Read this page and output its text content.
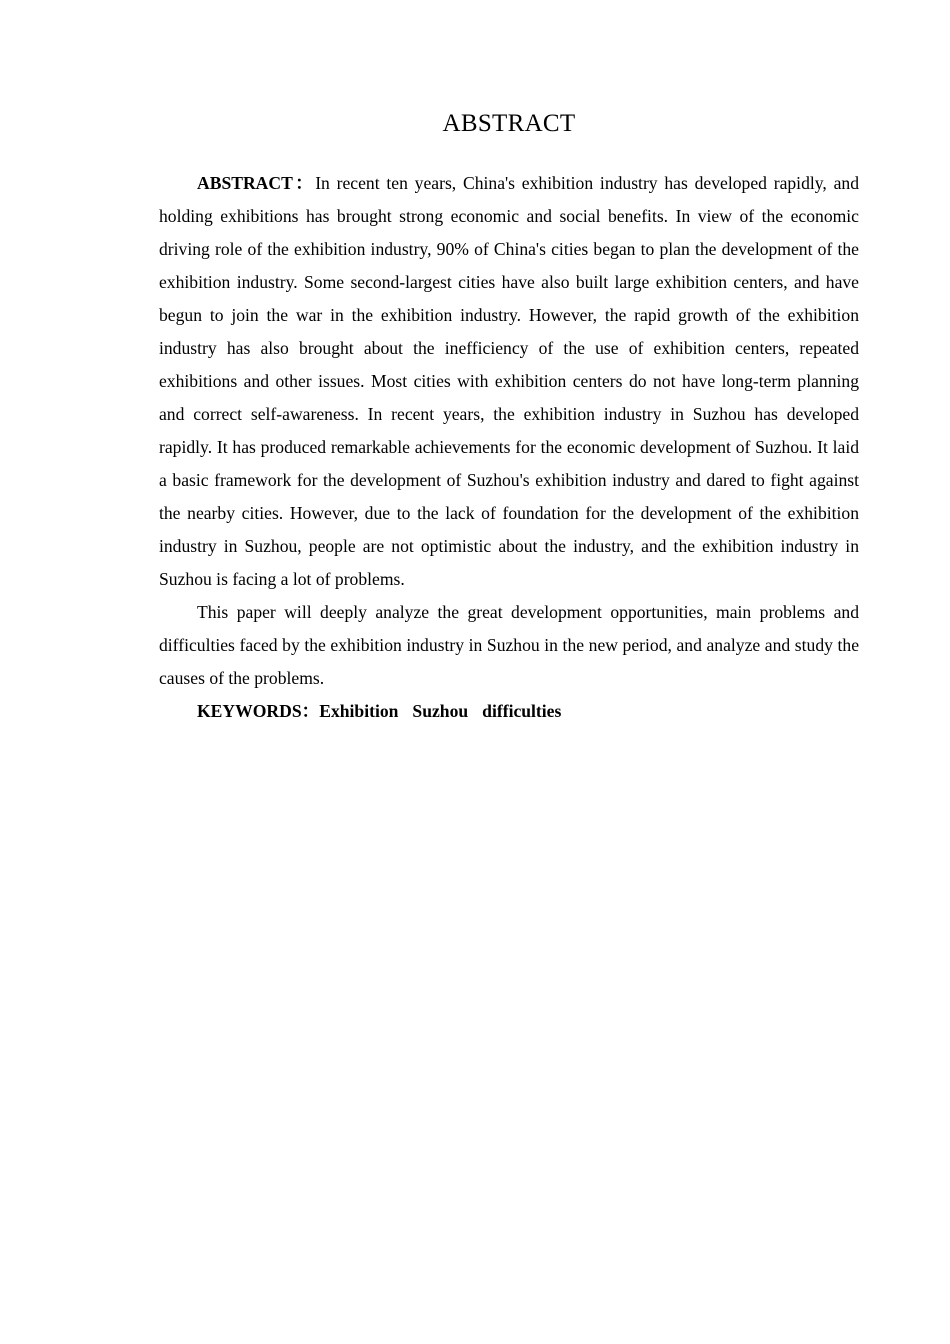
ABSTRACT

ABSTRACT：In recent ten years, China's exhibition industry has developed rapidly, and holding exhibitions has brought strong economic and social benefits. In view of the economic driving role of the exhibition industry, 90% of China's cities began to plan the development of the exhibition industry. Some second-largest cities have also built large exhibition centers, and have begun to join the war in the exhibition industry. However, the rapid growth of the exhibition industry has also brought about the inefficiency of the use of exhibition centers, repeated exhibitions and other issues. Most cities with exhibition centers do not have long-term planning and correct self-awareness. In recent years, the exhibition industry in Suzhou has developed rapidly. It has produced remarkable achievements for the economic development of Suzhou. It laid a basic framework for the development of Suzhou's exhibition industry and dared to fight against the nearby cities. However, due to the lack of foundation for the development of the exhibition industry in Suzhou, people are not optimistic about the industry, and the exhibition industry in Suzhou is facing a lot of problems.

This paper will deeply analyze the great development opportunities, main problems and difficulties faced by the exhibition industry in Suzhou in the new period, and analyze and study the causes of the problems.

KEYWORDS：Exhibition Suzhou difficulties
